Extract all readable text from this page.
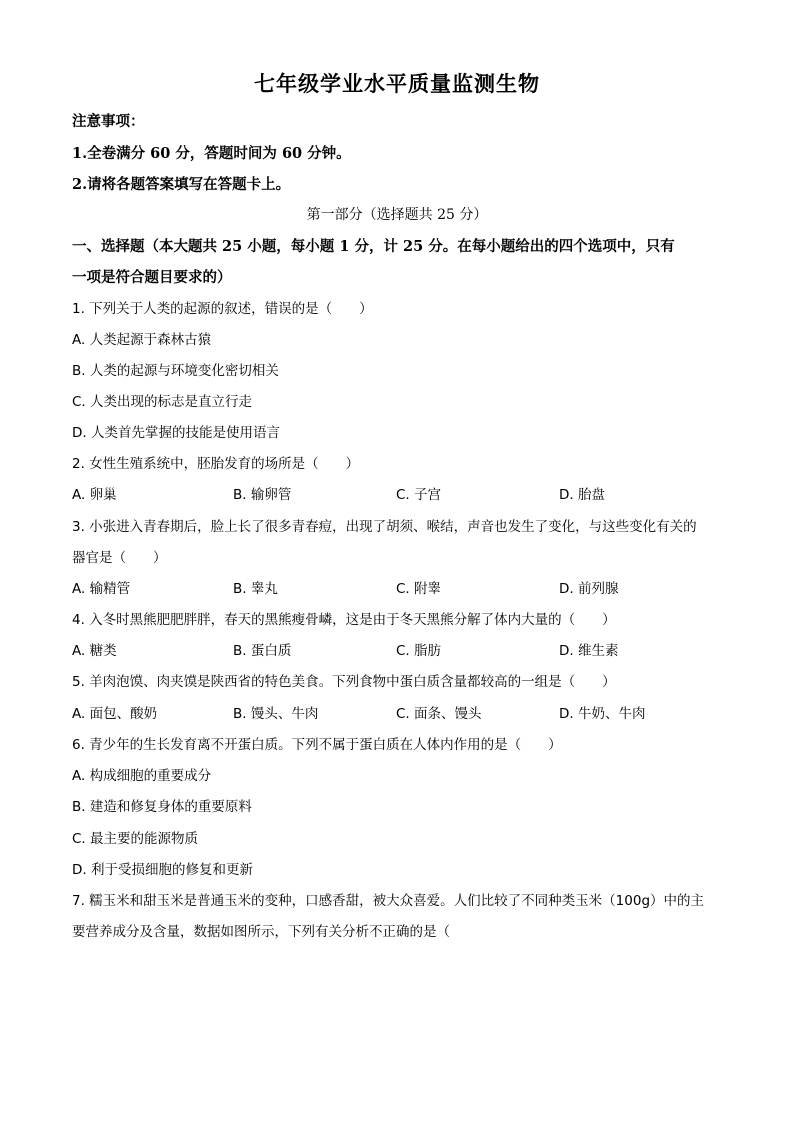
七年级学业水平质量监测生物
注意事项：
1.全卷满分 60 分，答题时间为 60 分钟。
2.请将各题答案填写在答题卡上。
第一部分（选择题共 25 分）
一、选择题（本大题共 25 小题，每小题 1 分，计 25 分。在每小题给出的四个选项中，只有
一项是符合题目要求的）
1. 下列关于人类的起源的叙述，错误的是（　　）
A. 人类起源于森林古猿
B. 人类的起源与环境变化密切相关
C. 人类出现的标志是直立行走
D. 人类首先掌握的技能是使用语言
2. 女性生殖系统中，胚胎发育的场所是（　　）
A. 卵巢	B. 输卵管	C. 子宫	D. 胎盘
3. 小张进入青春期后，脸上长了很多青春痘，出现了胡须、喉结，声音也发生了变化，与这些变化有关的
器官是（　　）
A. 输精管	B. 睾丸	C. 附睾	D. 前列腺
4. 入冬时黑熊肥肥胖胖，春天的黑熊瘦骨嶙，这是由于冬天黑熊分解了体内大量的（　　）
A. 糖类	B. 蛋白质	C. 脂肪	D. 维生素
5. 羊肉泡馍、肉夹馍是陕西省的特色美食。下列食物中蛋白质含量都较高的一组是（　　）
A. 面包、酸奶	B. 馒头、牛肉	C. 面条、馒头	D. 牛奶、牛肉
6. 青少年的生长发育离不开蛋白质。下列不属于蛋白质在人体内作用的是（　　）
A. 构成细胞的重要成分
B. 建造和修复身体的重要原料
C. 最主要的能源物质
D. 利于受损细胞的修复和更新
7. 糯玉米和甜玉米是普通玉米的变种，口感香甜，被大众喜爱。人们比较了不同种类玉米（100g）中的主
要营养成分及含量，数据如图所示，下列有关分析不正确的是（
